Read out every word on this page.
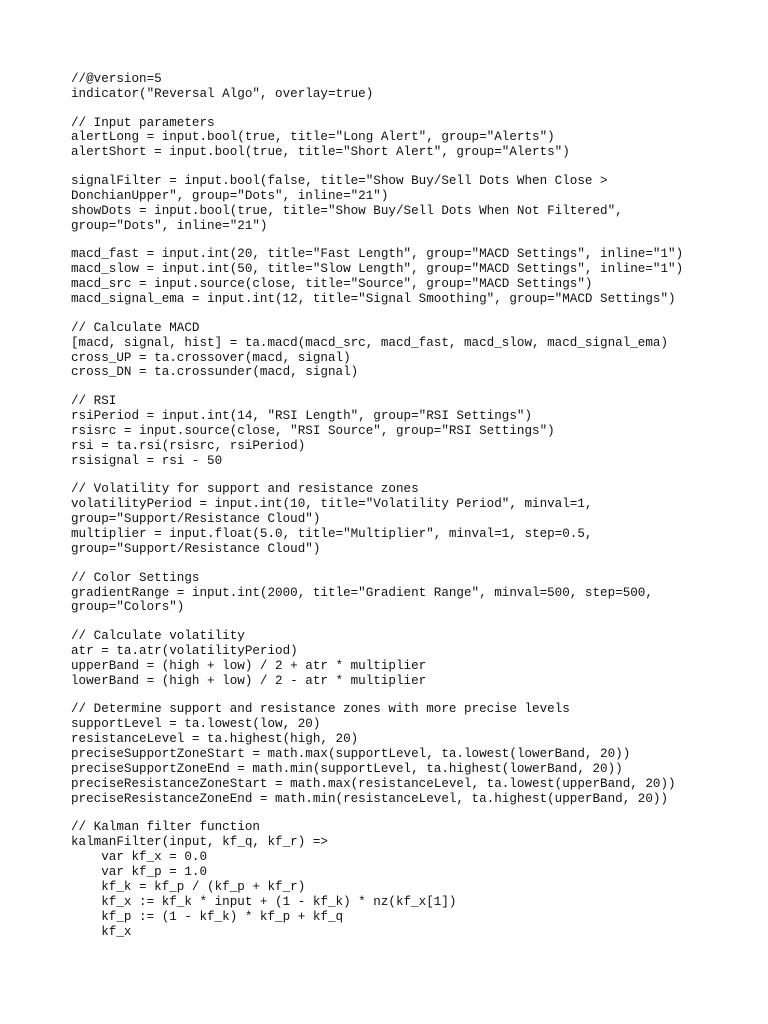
//@version=5
indicator("Reversal Algo", overlay=true)
// Input parameters
alertLong = input.bool(true, title="Long Alert", group="Alerts")
alertShort = input.bool(true, title="Short Alert", group="Alerts")
signalFilter = input.bool(false, title="Show Buy/Sell Dots When Close >
DonchianUpper", group="Dots", inline="21")
showDots = input.bool(true, title="Show Buy/Sell Dots When Not Filtered",
group="Dots", inline="21")
macd_fast = input.int(20, title="Fast Length", group="MACD Settings", inline="1")
macd_slow = input.int(50, title="Slow Length", group="MACD Settings", inline="1")
macd_src = input.source(close, title="Source", group="MACD Settings")
macd_signal_ema = input.int(12, title="Signal Smoothing", group="MACD Settings")
// Calculate MACD
[macd, signal, hist] = ta.macd(macd_src, macd_fast, macd_slow, macd_signal_ema)
cross_UP = ta.crossover(macd, signal)
cross_DN = ta.crossunder(macd, signal)
// RSI
rsiPeriod = input.int(14, "RSI Length", group="RSI Settings")
rsisrc = input.source(close, "RSI Source", group="RSI Settings")
rsi = ta.rsi(rsisrc, rsiPeriod)
rsisignal = rsi - 50
// Volatility for support and resistance zones
volatilityPeriod = input.int(10, title="Volatility Period", minval=1,
group="Support/Resistance Cloud")
multiplier = input.float(5.0, title="Multiplier", minval=1, step=0.5,
group="Support/Resistance Cloud")
// Color Settings
gradientRange = input.int(2000, title="Gradient Range", minval=500, step=500,
group="Colors")
// Calculate volatility
atr = ta.atr(volatilityPeriod)
upperBand = (high + low) / 2 + atr * multiplier
lowerBand = (high + low) / 2 - atr * multiplier
// Determine support and resistance zones with more precise levels
supportLevel = ta.lowest(low, 20)
resistanceLevel = ta.highest(high, 20)
preciseSupportZoneStart = math.max(supportLevel, ta.lowest(lowerBand, 20))
preciseSupportZoneEnd = math.min(supportLevel, ta.highest(lowerBand, 20))
preciseResistanceZoneStart = math.max(resistanceLevel, ta.lowest(upperBand, 20))
preciseResistanceZoneEnd = math.min(resistanceLevel, ta.highest(upperBand, 20))
// Kalman filter function
kalmanFilter(input, kf_q, kf_r) =>
var kf_x = 0.0
var kf_p = 1.0
kf_k = kf_p / (kf_p + kf_r)
kf_x := kf_k * input + (1 - kf_k) * nz(kf_x[1])
kf_p := (1 - kf_k) * kf_p + kf_q
kf_x
